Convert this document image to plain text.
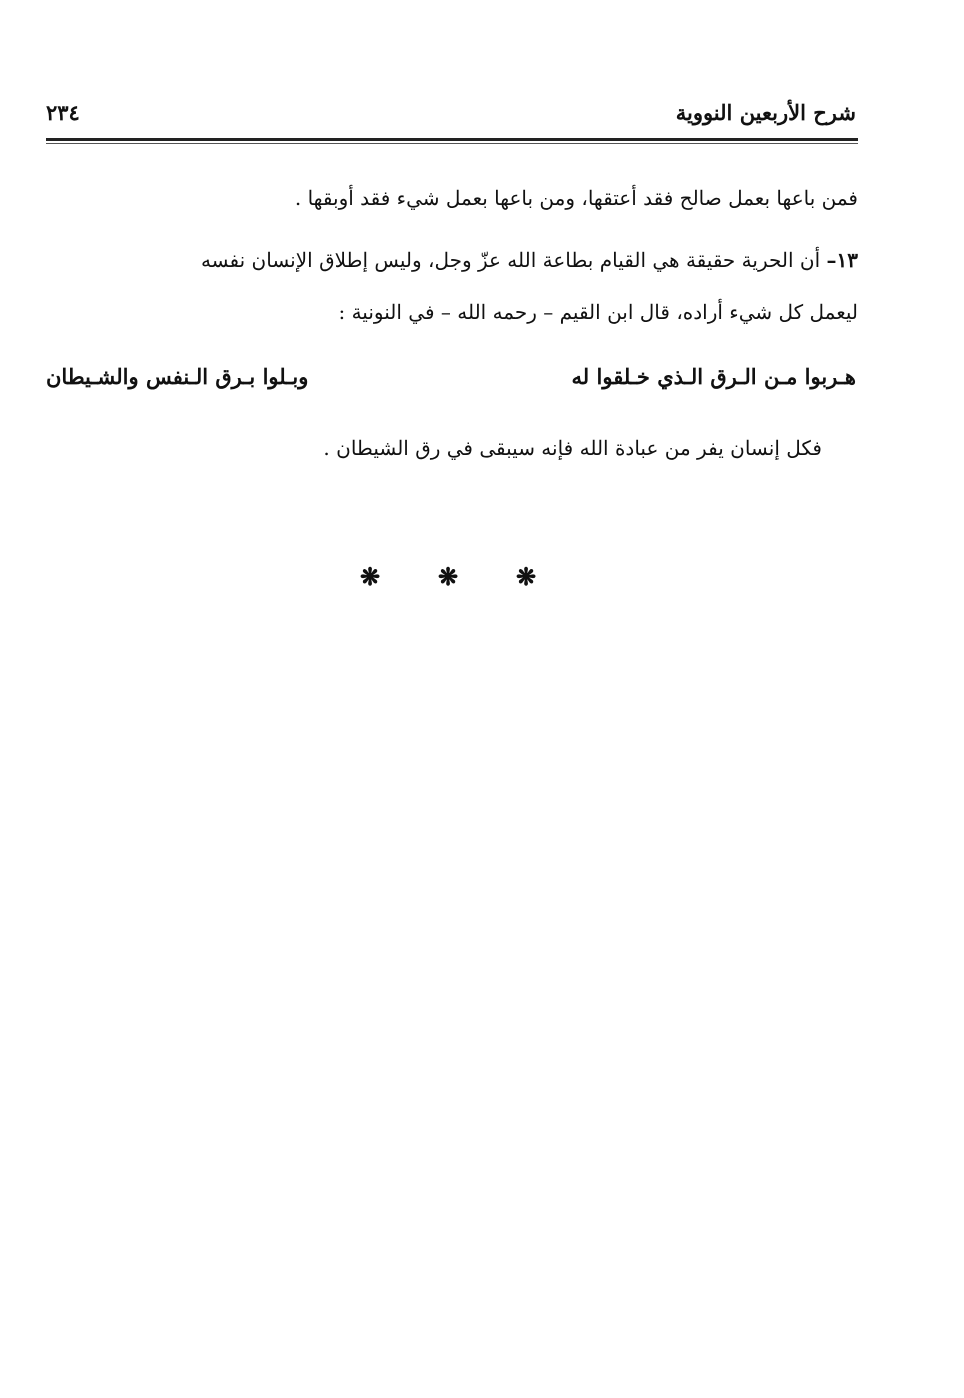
شرح الأربعين النووية
٢٣٤
فمن باعها بعمل صالح فقد أعتقها، ومن باعها بعمل شيء فقد أوبقها .
١٣– أن الحرية حقيقة هي القيام بطاعة الله عزّ وجل، وليس إطلاق الإنسان نفسه
ليعمل كل شيء أراده، قال ابن القيم – رحمه الله – في النونية :
هـربوا مـن الـرق الـذي خـلقوا له
وبـلوا بـرق الـنفس والشـيطان
فكل إنسان يفر من عبادة الله فإنه سيبقى في رق الشيطان .
❋ ❋ ❋
